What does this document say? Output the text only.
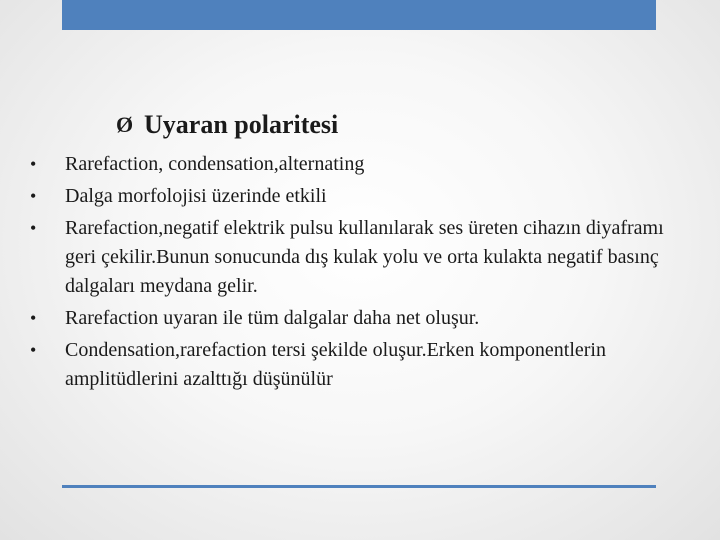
Ø Uyaran polaritesi
•	Rarefaction, condensation,alternating
•	Dalga morfolojisi üzerinde etkili
•	Rarefaction,negatif elektrik pulsu kullanılarak ses üreten cihazın diyaframı geri çekilir.Bunun sonucunda dış kulak yolu ve orta kulakta negatif basınç dalgaları meydana gelir.
•	Rarefaction uyaran ile tüm dalgalar daha net oluşur.
•	Condensation,rarefaction tersi şekilde oluşur.Erken komponentlerin amplitüdlerini azalttığı düşünülür
